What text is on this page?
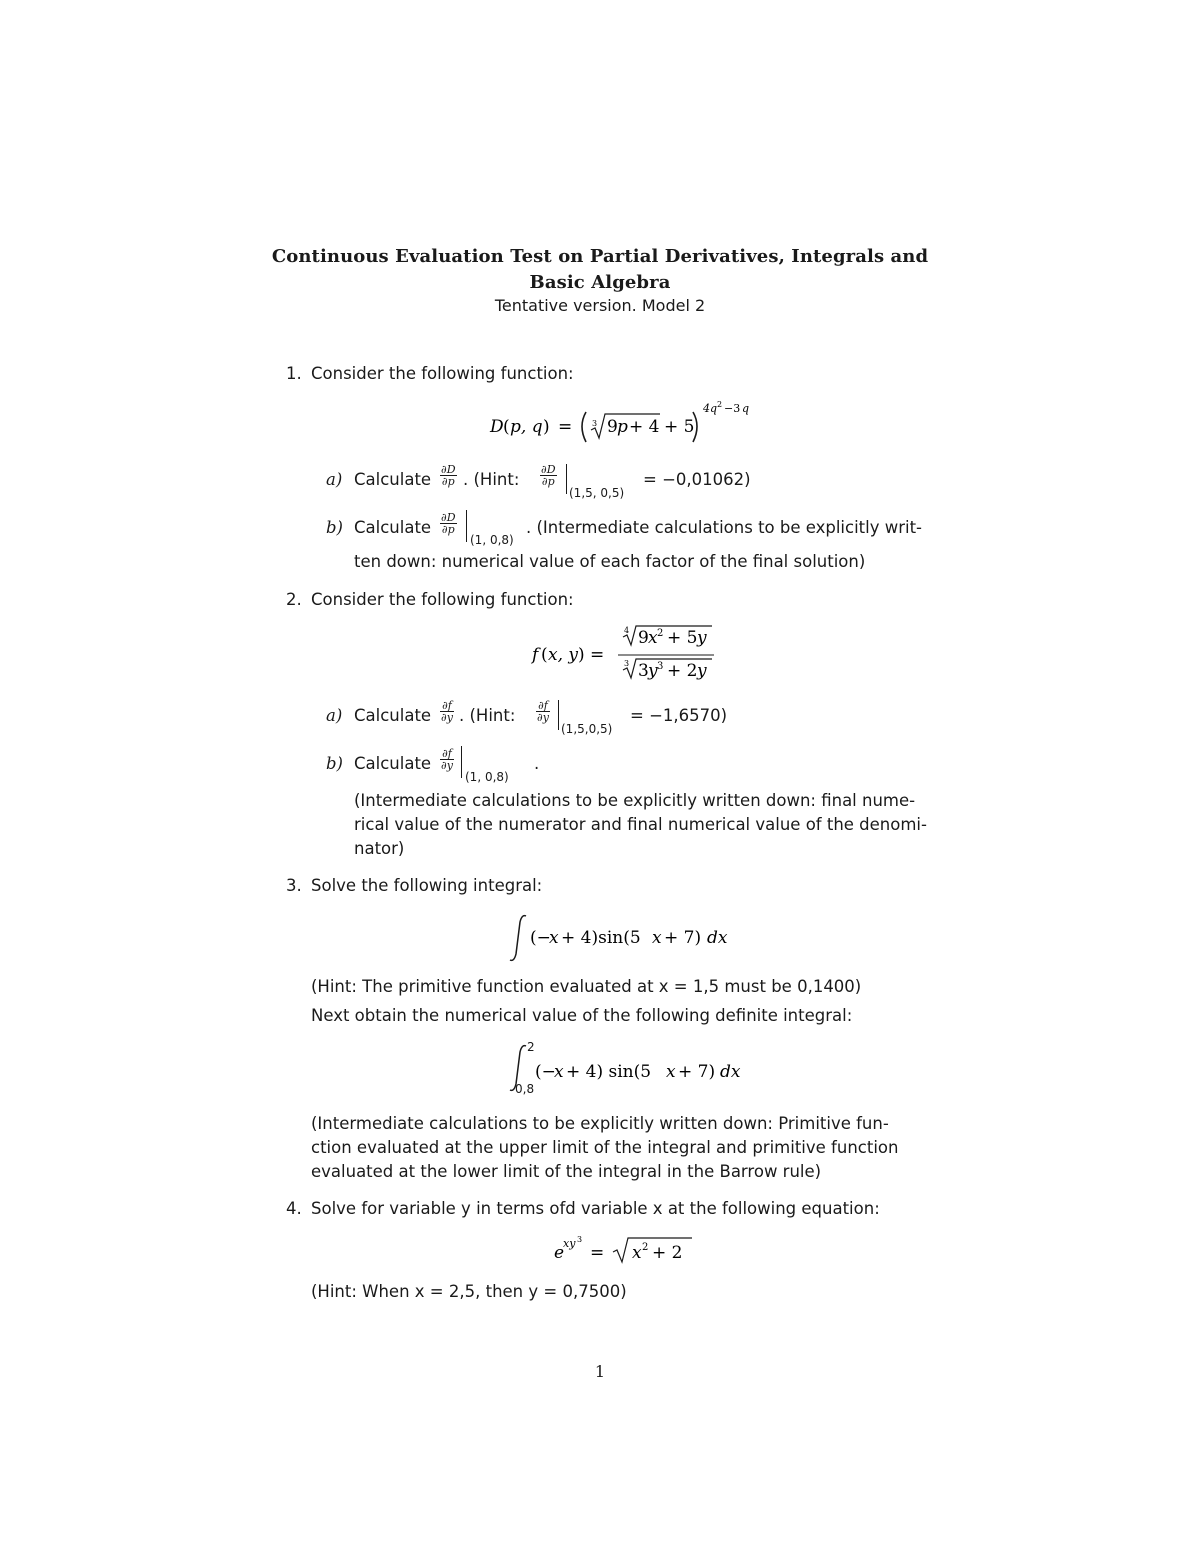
Continuous Evaluation Test on Partial Derivatives, Integrals and
Basic Algebra
Tentative version. Model 2
1. Consider the following function:
D ( p, q ) = 3 9 p + 4 + 5
4q 2 −3 q
a) Calculate $\frac{\partial D}{\partial p}$ . (Hint: $\frac{\partial D}{\partial p}$
(1,5, 0,5)
= −0,01062)
b) Calculate $\frac{\partial D}{\partial p}$
(1, 0,8)
. (Intermediate calculations to be explicitly writ-
ten down: numerical value of each factor of the final solution)
2. Consider the following function:
f ( x, y ) =
4 9 x 2 + 5 y
3 3 y 3 + 2 y
a) Calculate $\frac{\partial f}{\partial y}$ . (Hint: $\frac{\partial f}{\partial y}$
(1,5,0,5)
= −1,6570)
b) Calculate $\frac{\partial f}{\partial y}$
(1, 0,8)
.
(Intermediate calculations to be explicitly written down: final nume-
rical value of the numerator and final numerical value of the denomi-
nator)
3. Solve the following integral:
(−
x + 4)sin(5 x + 7) dx
(Hint: The primitive function evaluated at x = 1,5 must be 0,1400)
Next obtain the numerical value of the following definite integral:
(−
x + 4) sin(5 x + 7) dx
2
0,8
(Intermediate calculations to be explicitly written down: Primitive fun-
ction evaluated at the upper limit of the integral and primitive function
evaluated at the lower limit of the integral in the Barrow rule)
4. Solve for variable y in terms ofd variable x at the following equation:
e
xy 3
= x 2 + 2
(Hint: When x = 2,5, then y = 0,7500)
1
